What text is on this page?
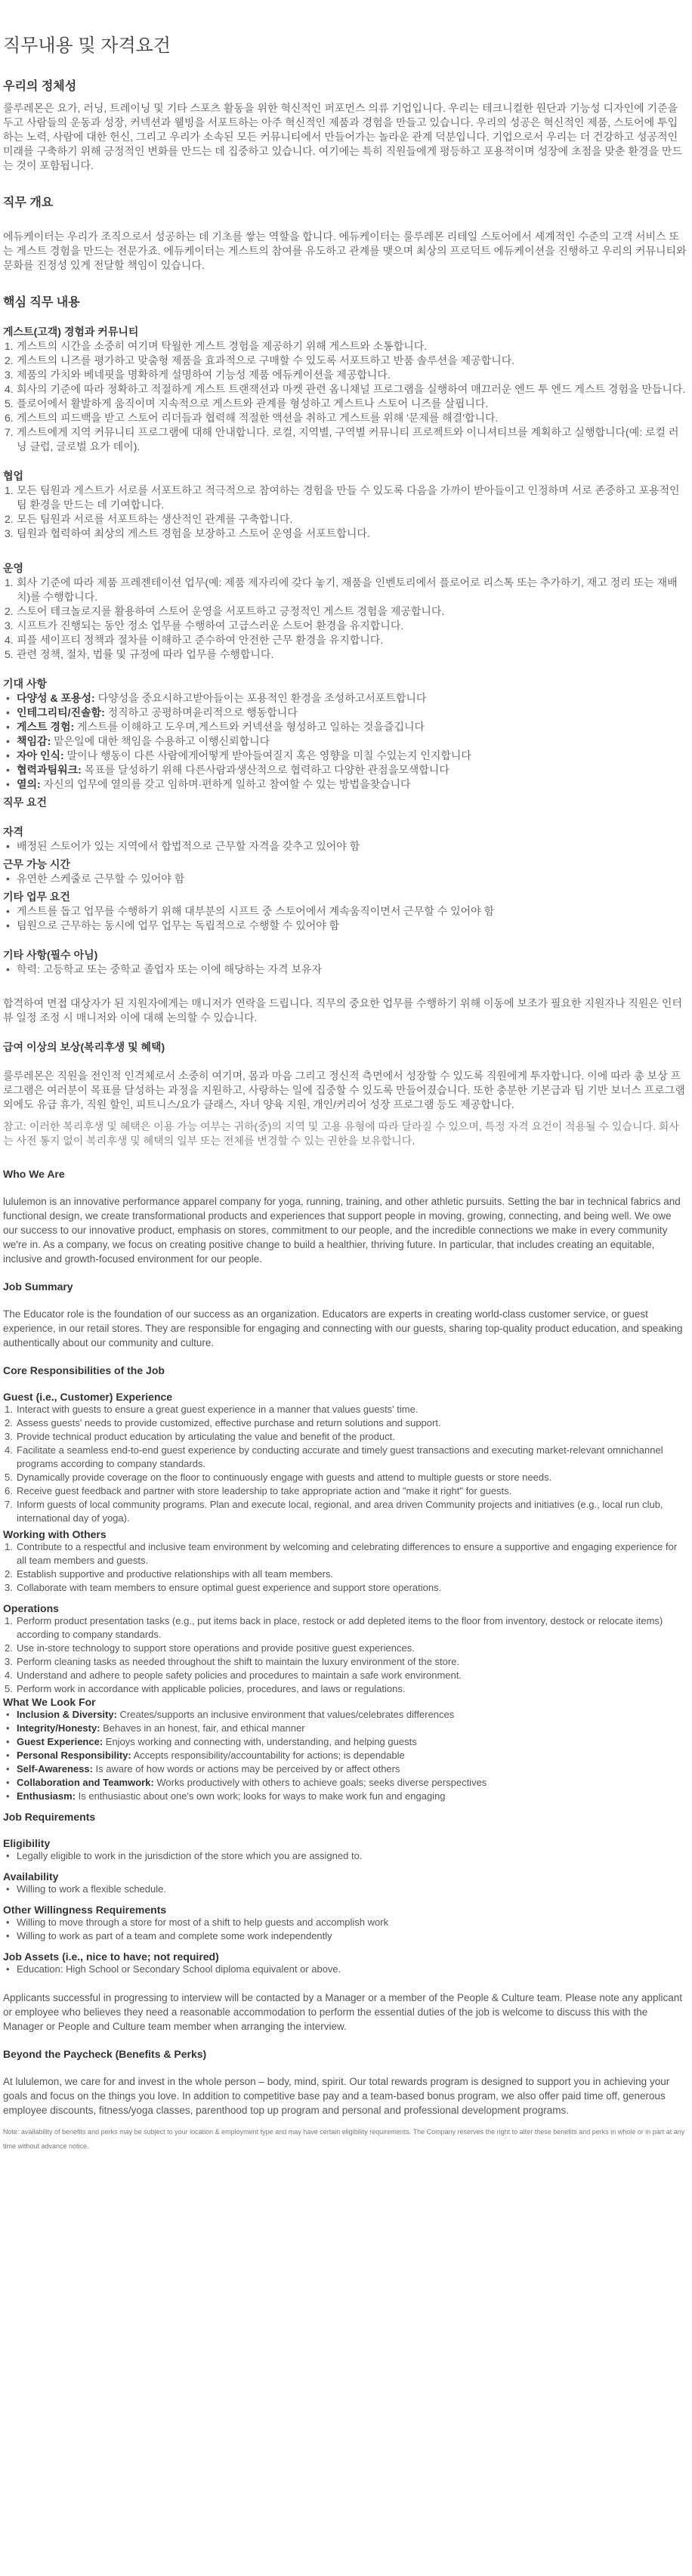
직무내용 및 자격요건
우리의 정체성

룰루레몬은 요가, 러닝, 트레이닝 및 기타 스포츠 활동을 위한 혁신적인 퍼포먼스 의류 기업입니다. 우리는 테크니컬한 원단과 기능성 디자인에 기준을 두고 사람들의 운동과 성장, 커넥션과 웰빙을 서포트하는 아주 혁신적인 제품과 경험을 만들고 있습니다. 우리의 성공은 혁신적인 제품, 스토어에 투입하는 노력, 사람에 대한 헌신, 그리고 우리가 소속된 모든 커뮤니티에서 만들어가는 놀라운 관계 덕분입니다. 기업으로서 우리는 더 건강하고 성공적인 미래를 구축하기 위해 긍정적인 변화를 만드는 데 집중하고 있습니다. 여기에는 특히 직원들에게 평등하고 포용적이며 성장에 초점을 맞춘 환경을 만드는 것이 포함됩니다.

직무 개요

에듀케이터는 우리가 조직으로서 성공하는 데 기초를 쌓는 역할을 합니다. 에듀케이터는 룰루레몬 리테일 스토어에서 세계적인 수준의 고객 서비스 또는 게스트 경험을 만드는 전문가죠. 에듀케이터는 게스트의 참여를 유도하고 관계를 맺으며 최상의 프로덕트 에듀케이션을 진행하고 우리의 커뮤니티와 문화를 진정성 있게 전달할 책임이 있습니다.

핵심 직무 내용
게스트(고객) 경험과 커뮤니티
1. 게스트의 시간을 소중히 여기며 탁월한 게스트 경험을 제공하기 위해 게스트와 소통합니다.
2. 게스트의 니즈를 평가하고 맞춤형 제품을 효과적으로 구매할 수 있도록 서포트하고 반품 솔루션을 제공합니다.
3. 제품의 가치와 베네핏을 명확하게 설명하여 기능성 제품 에듀케이션을 제공합니다.
4. 회사의 기준에 따라 정확하고 적절하게 게스트 트랜잭션과 마켓 관련 옴니채널 프로그램을 실행하여 매끄러운 엔드 투 엔드 게스트 경험을 만듭니다.
5. 플로어에서 활발하게 움직이며 지속적으로 게스트와 관계를 형성하고 게스트나 스토어 니즈를 살핍니다.
6. 게스트의 피드백을 받고 스토어 리더들과 협력해 적절한 액션을 취하고 게스트를 위해 '문제를 해결'합니다.
7. 게스트에게 지역 커뮤니티 프로그램에 대해 안내합니다. 로컬, 지역별, 구역별 커뮤니티 프로젝트와 이니셔티브를 계획하고 실행합니다(예: 로컬 러닝 클럽, 글로벌 요가 데이).
협업
1. 모든 팀원과 게스트가 서로를 서포트하고 적극적으로 참여하는 경험을 만들 수 있도록 다음을 가까이 받아들이고 인정하며 서로 존중하고 포용적인 팀 환경을 만드는 데 기여합니다.
2. 모든 팀원과 서로를 서포트하는 생산적인 관계를 구축합니다.
3. 팀원과 협력하여 최상의 게스트 경험을 보장하고 스토어 운영을 서포트합니다.
운영
1. 회사 기준에 따라 제품 프레젠테이션 업무(예: 제품 제자리에 갖다 놓기, 재품을 인벤토리에서 플로어로 리스톡 또는 추가하기, 재고 정리 또는 재배치)를 수행합니다.
2. 스토어 테크놀로지를 활용하여 스토어 운영을 서포트하고 긍정적인 게스트 경험을 제공합니다.
3. 시프트가 진행되는 동안 정소 업무를 수행하여 고급스러운 스토어 환경을 유지합니다.
4. 피플 세이프티 정책과 절차를 이해하고 준수하여 안전한 근무 환경을 유지합니다.
5. 관련 정책, 절차, 법률 및 규정에 따라 업무를 수행합니다.
기대 사항
• 다양성 & 포용성: 다양성을 중요시하고받아들이는 포용적인 환경을 조성하고서포트합니다
• 인테그리티/진솔함: 정직하고 공평하며윤리적으로 행동합니다
• 게스트 경험: 게스트를 이해하고 도우며,게스트와 커넥션을 형성하고 일하는 것을즐깁니다
• 책임감: 맡은일에 대한 책임을 수용하고 이행신뢰합니다
• 자아 인식: 말이나 행동이 다른 사람에게어떻게 받아들여질지 혹은 영향을 미칠 수있는지 인지합니다
• 협력과팀워크: 목표를 달성하기 위해 다른사람과생산적으로 협력하고 다양한 관점을모색합니다
• 열의: 자신의 업무에 열의를 갖고 임하며·편하게 일하고 참여할 수 있는 방법을찾습니다
직무 요건
자격
• 배정된 스토어가 있는 지역에서 합법적으로 근무할 자격을 갖추고 있어야 함
근무 가능 시간
• 유연한 스케줄로 근무할 수 있어야 함
기타 업무 요건
• 게스트를 돕고 업무를 수행하기 위해 대부분의 시프트 중 스토어에서 계속움직이면서 근무할 수 있어야 함
• 팀원으로 근무하는 동시에 업무 업무는 독립적으로 수행할 수 있어야 함
기타 사항(필수 아님)
• 학력: 고등학교 또는 중학교 졸업자 또는 이에 해당하는 자격 보유자

합격하여 면접 대상자가 된 지원자에게는 매니저가 연락을 드립니다. 직무의 중요한 업무를 수행하기 위해 이동에 보조가 필요한 지원자나 직원은 인터뷰 일정 조정 시 매니저와 이에 대해 논의할 수 있습니다.

급여 이상의 보상(복리후생 및 혜택)

룰루레몬은 직원을 전인적 인격체로서 소중히 여기며, 몸과 마음 그리고 정신적 측면에서 성장할 수 있도록 직원에게 투자합니다. 이에 따라 총 보상 프로그램은 여러분이 목표를 달성하는 과정을 지원하고, 사랑하는 일에 집중할 수 있도록 만들어졌습니다. 또한 충분한 기본급과 팀 기반 보너스 프로그램 외에도 유급 휴가, 직원 할인, 피트니스/요가 클래스, 자녀 양육 지원, 개인/커리어 성장 프로그램 등도 제공합니다.

참고: 이러한 복리후생 및 혜택은 이용 가능 여부는 귀하(중)의 지역 및 고용 유형에 따라 달라질 수 있으며, 특정 자격 요건이 적용될 수 있습니다. 회사는 사전 통지 없이 복리후생 및 혜택의 일부 또는 전체를 변경할 수 있는 권한을 보유합니다.

Who We Are

lululemon is an innovative performance apparel company for yoga, running, training, and other athletic pursuits. Setting the bar in technical fabrics and functional design, we create transformational products and experiences that support people in moving, growing, connecting, and being well. We owe our success to our innovative product, emphasis on stores, commitment to our people, and the incredible connections we make in every community we're in. As a company, we focus on creating positive change to build a healthier, thriving future. In particular, that includes creating an equitable, inclusive and growth-focused environment for our people.

Job Summary

The Educator role is the foundation of our success as an organization. Educators are experts in creating world-class customer service, or guest experience, in our retail stores. They are responsible for engaging and connecting with our guests, sharing top-quality product education, and speaking authentically about our community and culture.

Core Responsibilities of the Job
Guest (i.e., Customer) Experience
1. Interact with guests to ensure a great guest experience in a manner that values guests' time.
2. Assess guests' needs to provide customized, effective purchase and return solutions and support.
3. Provide technical product education by articulating the value and benefit of the product.
4. Facilitate a seamless end-to-end guest experience by conducting accurate and timely guest transactions and executing market-relevant omnichannel programs according to company standards.
5. Dynamically provide coverage on the floor to continuously engage with guests and attend to multiple guests or store needs.
6. Receive guest feedback and partner with store leadership to take appropriate action and "make it right" for guests.
7. Inform guests of local community programs. Plan and execute local, regional, and area driven Community projects and initiatives (e.g., local run club, international day of yoga).
Working with Others
1. Contribute to a respectful and inclusive team environment by welcoming and celebrating differences to ensure a supportive and engaging experience for all team members and guests.
2. Establish supportive and productive relationships with all team members.
3. Collaborate with team members to ensure optimal guest experience and support store operations.
Operations
1. Perform product presentation tasks (e.g., put items back in place, restock or add depleted items to the floor from inventory, destock or relocate items) according to company standards.
2. Use in-store technology to support store operations and provide positive guest experiences.
3. Perform cleaning tasks as needed throughout the shift to maintain the luxury environment of the store.
4. Understand and adhere to people safety policies and procedures to maintain a safe work environment.
5. Perform work in accordance with applicable policies, procedures, and laws or regulations.
What We Look For
• Inclusion & Diversity: Creates/supports an inclusive environment that values/celebrates differences
• Integrity/Honesty: Behaves in an honest, fair, and ethical manner
• Guest Experience: Enjoys working and connecting with, understanding, and helping guests
• Personal Responsibility: Accepts responsibility/accountability for actions; is dependable
• Self-Awareness: Is aware of how words or actions may be perceived by or affect others
• Collaboration and Teamwork: Works productively with others to achieve goals; seeks diverse perspectives
• Enthusiasm: Is enthusiastic about one's own work; looks for ways to make work fun and engaging
Job Requirements
Eligibility
• Legally eligible to work in the jurisdiction of the store which you are assigned to.
Availability
• Willing to work a flexible schedule.
Other Willingness Requirements
• Willing to move through a store for most of a shift to help guests and accomplish work
• Willing to work as part of a team and complete some work independently
Job Assets (i.e., nice to have; not required)
• Education: High School or Secondary School diploma equivalent or above.

Applicants successful in progressing to interview will be contacted by a Manager or a member of the People & Culture team. Please note any applicant or employee who believes they need a reasonable accommodation to perform the essential duties of the job is welcome to discuss this with the Manager or People and Culture team member when arranging the interview.

Beyond the Paycheck (Benefits & Perks)

At lululemon, we care for and invest in the whole person – body, mind, spirit. Our total rewards program is designed to support you in achieving your goals and focus on the things you love. In addition to competitive base pay and a team-based bonus program, we also offer paid time off, generous employee discounts, fitness/yoga classes, parenthood top up program and personal and professional development programs.

Note: availability of benefits and perks may be subject to your location & employment type and may have certain eligibility requirements. The Company reserves the right to alter these benefits and perks in whole or in part at any time without advance notice.
